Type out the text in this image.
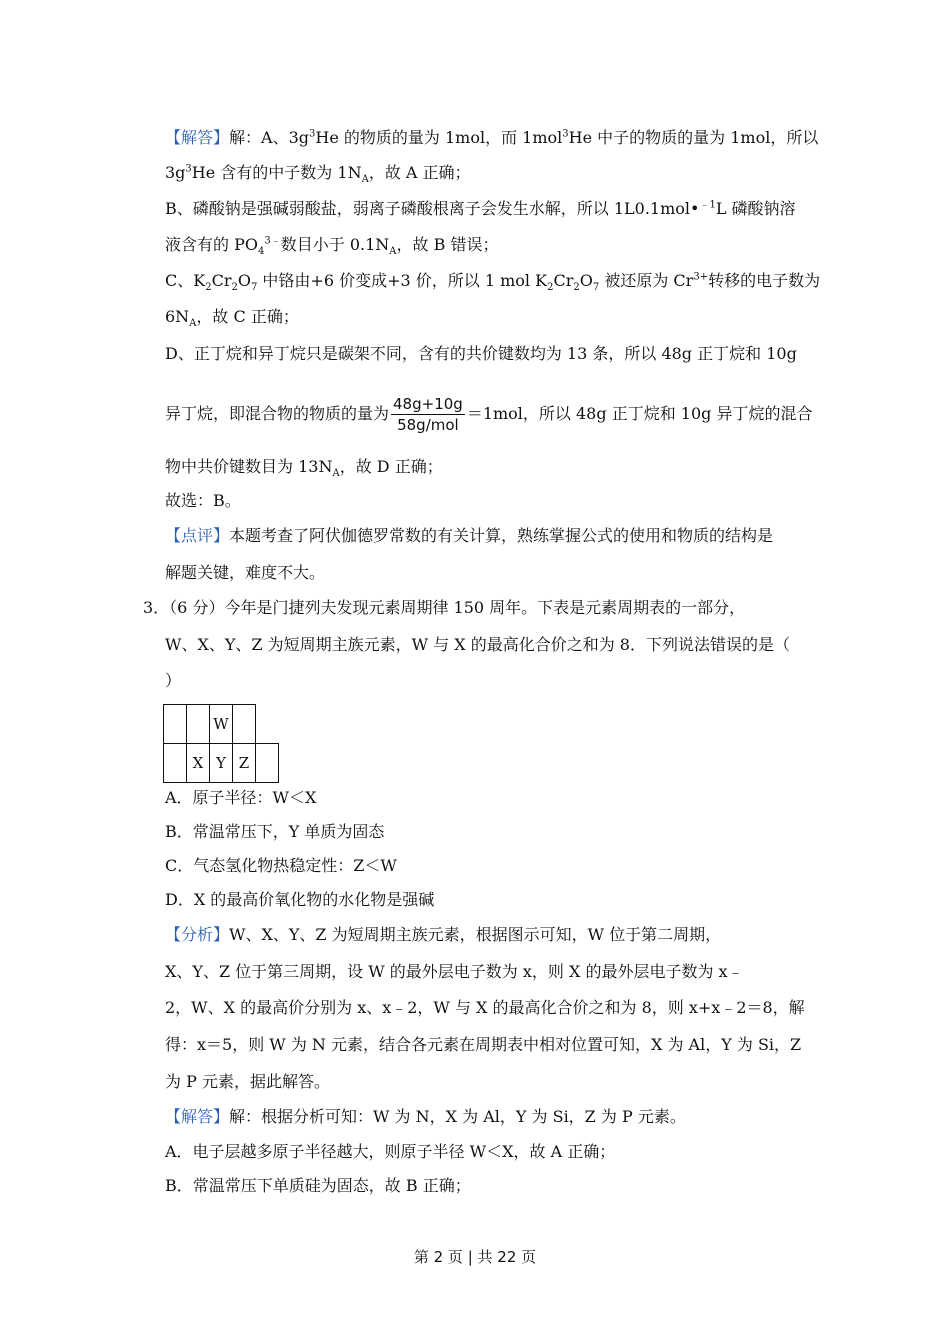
【解答】解：A、$3g^3He$ 的物质的量为 1mol，而 1mol$^3$He 中子的物质的量为 1mol，所以
$3g^3He$ 含有的中子数为 $1N_A$，故 A 正确；
B、磷酸钠是强碱弱酸盐，弱离子磷酸根离子会发生水解，所以 1L0.1mol•$^{﹣1}$L 磷酸钠溶
液含有的 $PO_4^{3﹣}$数目小于 $0.1N_A$，故 B 错误；
C、$K_2Cr_2O_7$ 中铬由+6 价变成+3 价，所以 1 mol $K_2Cr_2O_7$ 被还原为 $Cr^{3+}$转移的电子数为
$6N_A$，故 C 正确；
D、正丁烷和异丁烷只是碳架不同，含有的共价键数均为 13 条，所以 48g 正丁烷和 10g
异丁烷，即混合物的物质的量为 $\frac{48g+10g}{\text{58g/mol}} =1mol$，所以 48g 正丁烷和 10g 异丁烷的混合
物中共价键数目为 $13N_A$，故 D 正确；
故选：B。
【点评】本题考查了阿伏伽德罗常数的有关计算，熟练掌握公式的使用和物质的结构是
解题关键，难度不大。
3．（6 分）今年是门捷列夫发现元素周期律 150 周年。下表是元素周期表的一部分，
W、X、Y、Z 为短周期主族元素，W 与 X 的最高化合价之和为 8．下列说法错误的是（
）
		W		
	X	Y	Z	
A．原子半径：W＜X
B．常温常压下，Y 单质为固态
C．气态氢化物热稳定性：Z＜W
D．X 的最高价氧化物的水化物是强碱
【分析】W、X、Y、Z 为短周期主族元素，根据图示可知，W 位于第二周期，
X、Y、Z 位于第三周期，设 W 的最外层电子数为 x，则 X 的最外层电子数为 x﹣
2，W、X 的最高价分别为 x、x﹣2，W 与 X 的最高化合价之和为 8，则 x+x﹣2＝8，解
得：x＝5，则 W 为 N 元素，结合各元素在周期表中相对位置可知，X 为 Al，Y 为 Si，Z
为 P 元素，据此解答。
【解答】解：根据分析可知：W 为 N，X 为 Al，Y 为 Si，Z 为 P 元素。
A．电子层越多原子半径越大，则原子半径 W＜X，故 A 正确；
B．常温常压下单质硅为固态，故 B 正确；
第 2 页 | 共 22 页
